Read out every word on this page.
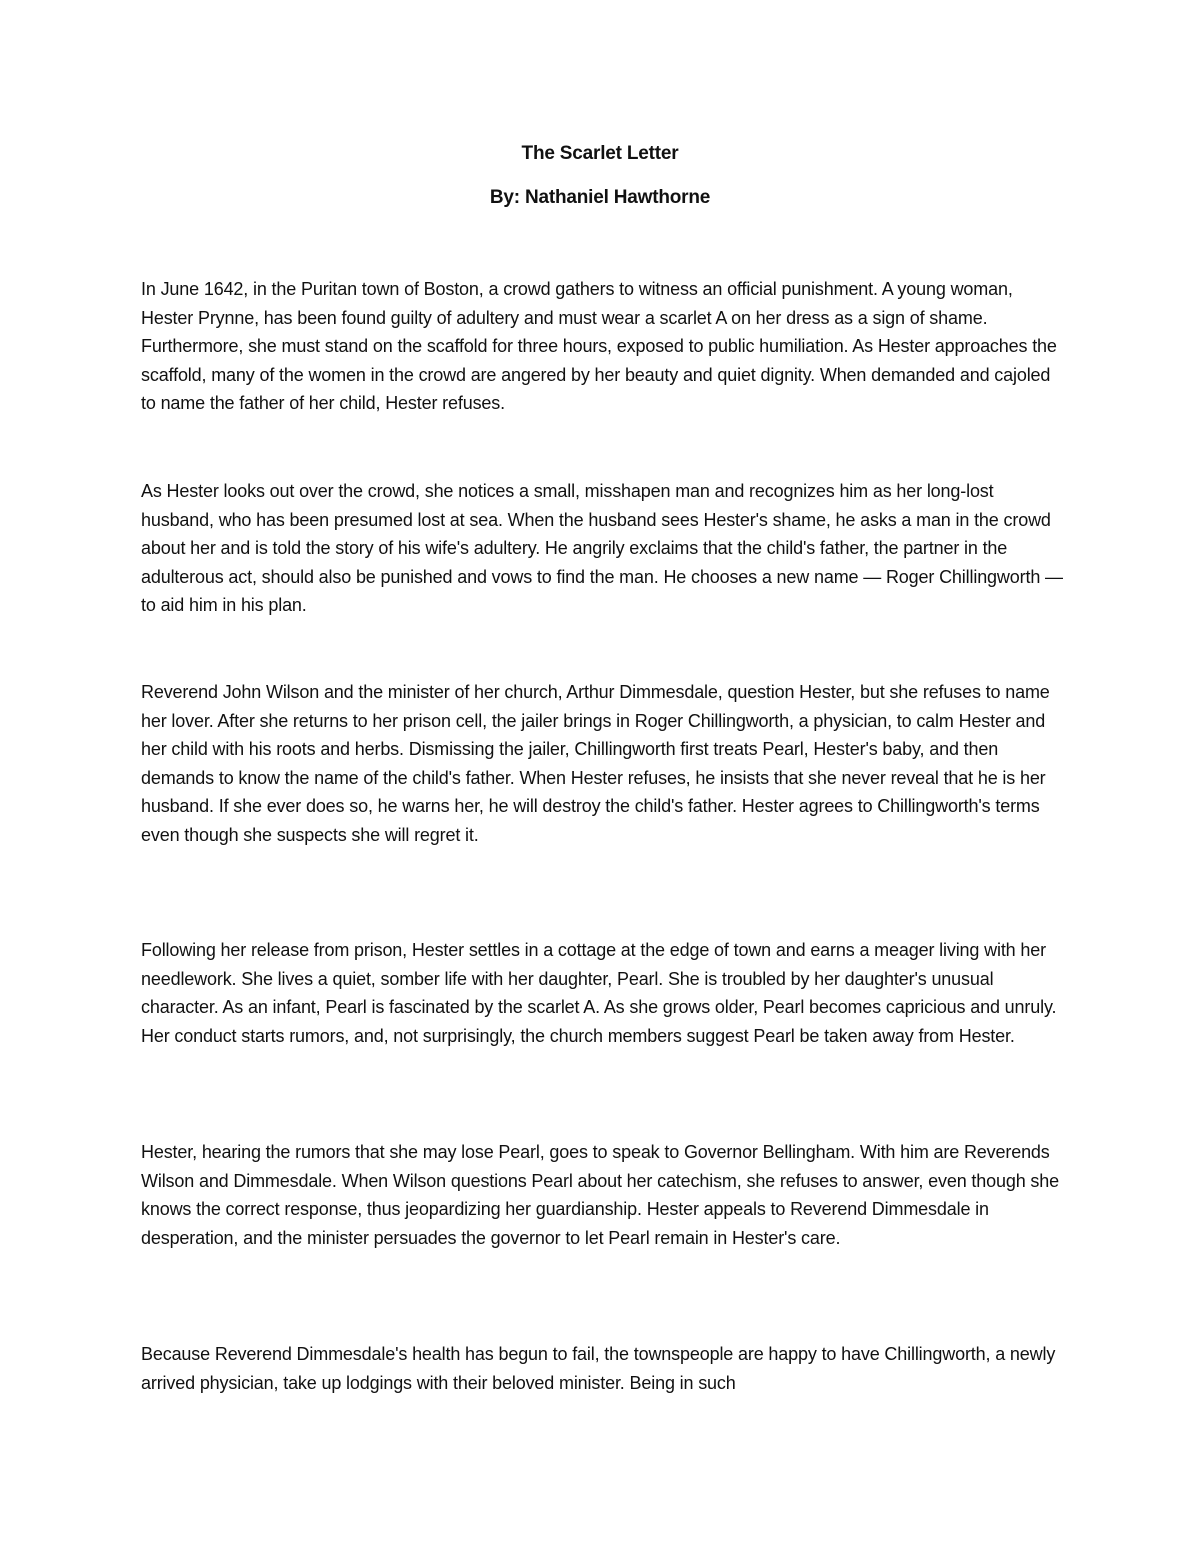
The Scarlet Letter
By: Nathaniel Hawthorne

In June 1642, in the Puritan town of Boston, a crowd gathers to witness an official punishment. A young woman, Hester Prynne, has been found guilty of adultery and must wear a scarlet A on her dress as a sign of shame. Furthermore, she must stand on the scaffold for three hours, exposed to public humiliation. As Hester approaches the scaffold, many of the women in the crowd are angered by her beauty and quiet dignity. When demanded and cajoled to name the father of her child, Hester refuses.

As Hester looks out over the crowd, she notices a small, misshapen man and recognizes him as her long-lost husband, who has been presumed lost at sea. When the husband sees Hester's shame, he asks a man in the crowd about her and is told the story of his wife's adultery. He angrily exclaims that the child's father, the partner in the adulterous act, should also be punished and vows to find the man. He chooses a new name — Roger Chillingworth — to aid him in his plan.

Reverend John Wilson and the minister of her church, Arthur Dimmesdale, question Hester, but she refuses to name her lover. After she returns to her prison cell, the jailer brings in Roger Chillingworth, a physician, to calm Hester and her child with his roots and herbs. Dismissing the jailer, Chillingworth first treats Pearl, Hester's baby, and then demands to know the name of the child's father. When Hester refuses, he insists that she never reveal that he is her husband. If she ever does so, he warns her, he will destroy the child's father. Hester agrees to Chillingworth's terms even though she suspects she will regret it.

Following her release from prison, Hester settles in a cottage at the edge of town and earns a meager living with her needlework. She lives a quiet, somber life with her daughter, Pearl. She is troubled by her daughter's unusual character. As an infant, Pearl is fascinated by the scarlet A. As she grows older, Pearl becomes capricious and unruly. Her conduct starts rumors, and, not surprisingly, the church members suggest Pearl be taken away from Hester.

Hester, hearing the rumors that she may lose Pearl, goes to speak to Governor Bellingham. With him are Reverends Wilson and Dimmesdale. When Wilson questions Pearl about her catechism, she refuses to answer, even though she knows the correct response, thus jeopardizing her guardianship. Hester appeals to Reverend Dimmesdale in desperation, and the minister persuades the governor to let Pearl remain in Hester's care.

Because Reverend Dimmesdale's health has begun to fail, the townspeople are happy to have Chillingworth, a newly arrived physician, take up lodgings with their beloved minister. Being in such
